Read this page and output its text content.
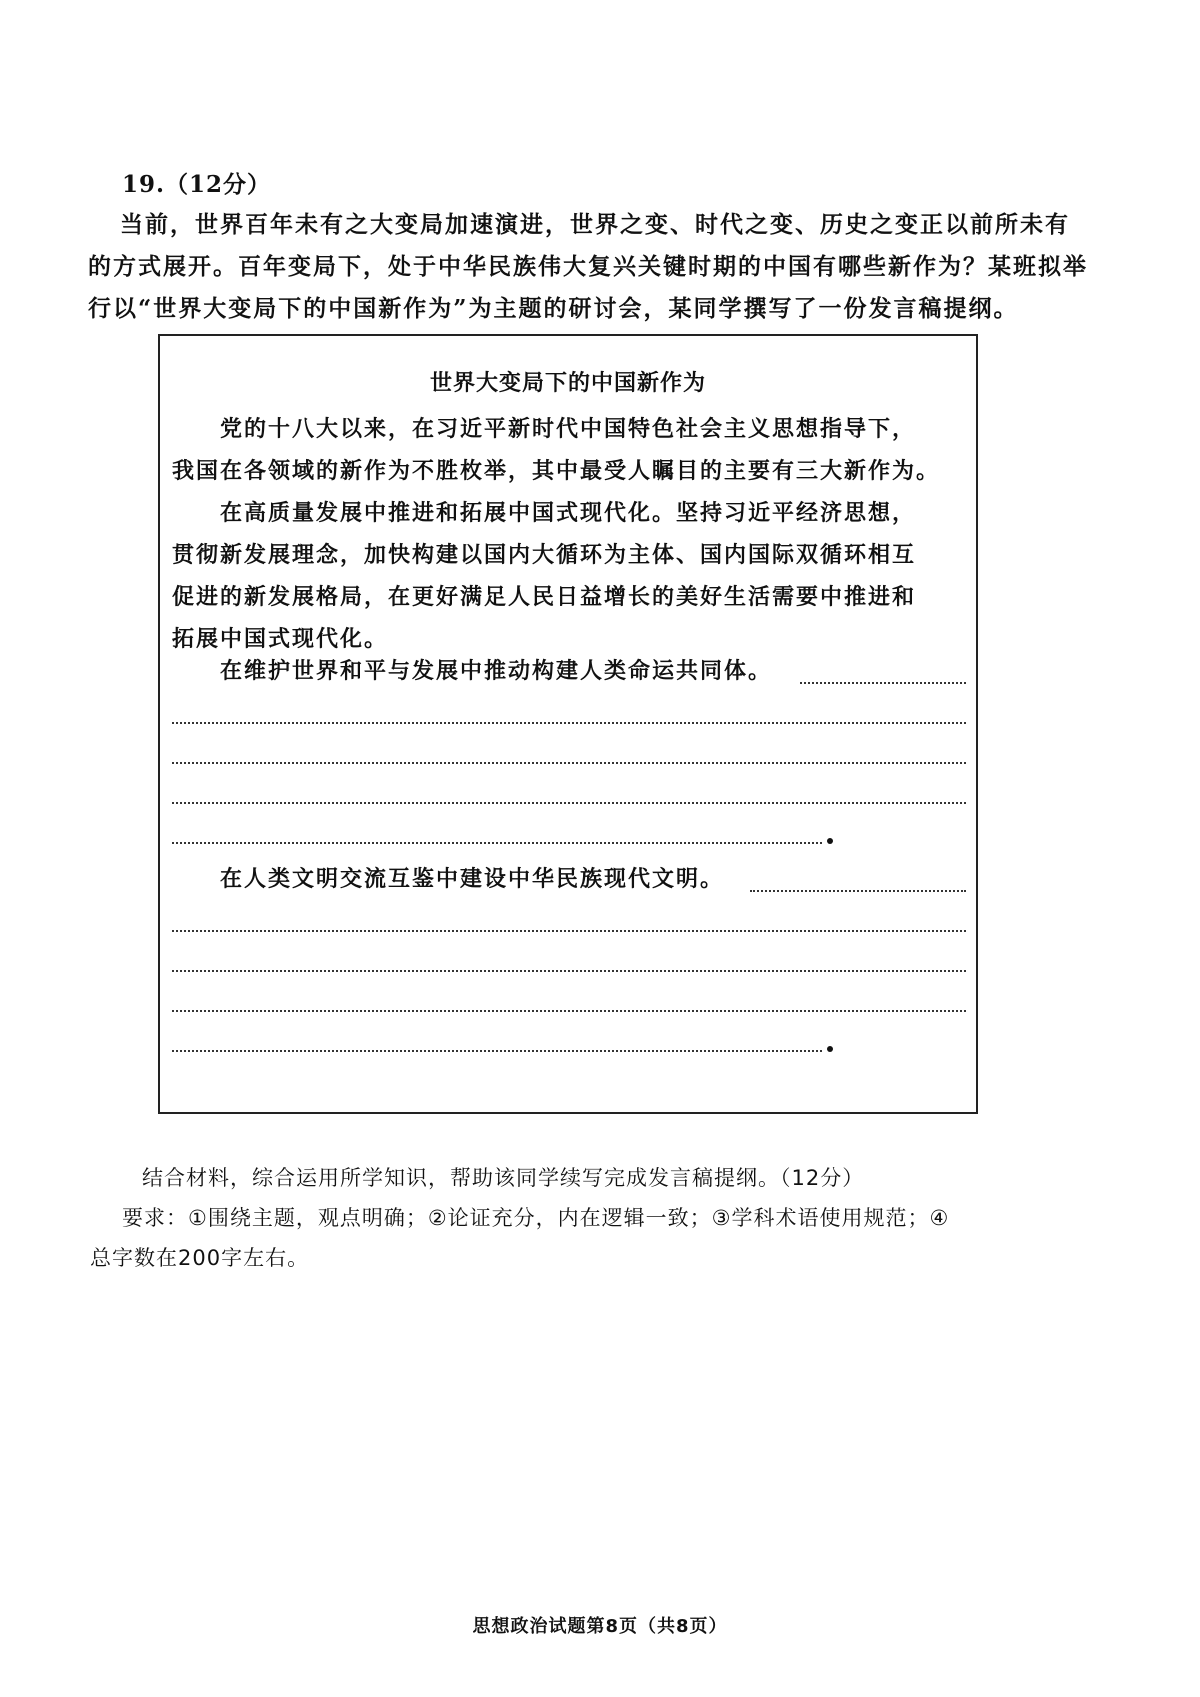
19.（12分）

当前，世界百年未有之大变局加速演进，世界之变、时代之变、历史之变正以前所未有

的方式展开。百年变局下，处于中华民族伟大复兴关键时期的中国有哪些新作为？某班拟举

行以“世界大变局下的中国新作为”为主题的研讨会，某同学撰写了一份发言稿提纲。

世界大变局下的中国新作为

党的十八大以来，在习近平新时代中国特色社会主义思想指导下，

我国在各领域的新作为不胜枚举，其中最受人瞩目的主要有三大新作为。

在高质量发展中推进和拓展中国式现代化。坚持习近平经济思想，

贯彻新发展理念，加快构建以国内大循环为主体、国内国际双循环相互

促进的新发展格局，在更好满足人民日益增长的美好生活需要中推进和

拓展中国式现代化。

在维护世界和平与发展中推动构建人类命运共同体。
在人类文明交流互鉴中建设中华民族现代文明。

结合材料，综合运用所学知识，帮助该同学续写完成发言稿提纲。（12分）

要求：①围绕主题，观点明确；②论证充分，内在逻辑一致；③学科术语使用规范；④

总字数在200字左右。

思想政治试题第8页（共8页）
